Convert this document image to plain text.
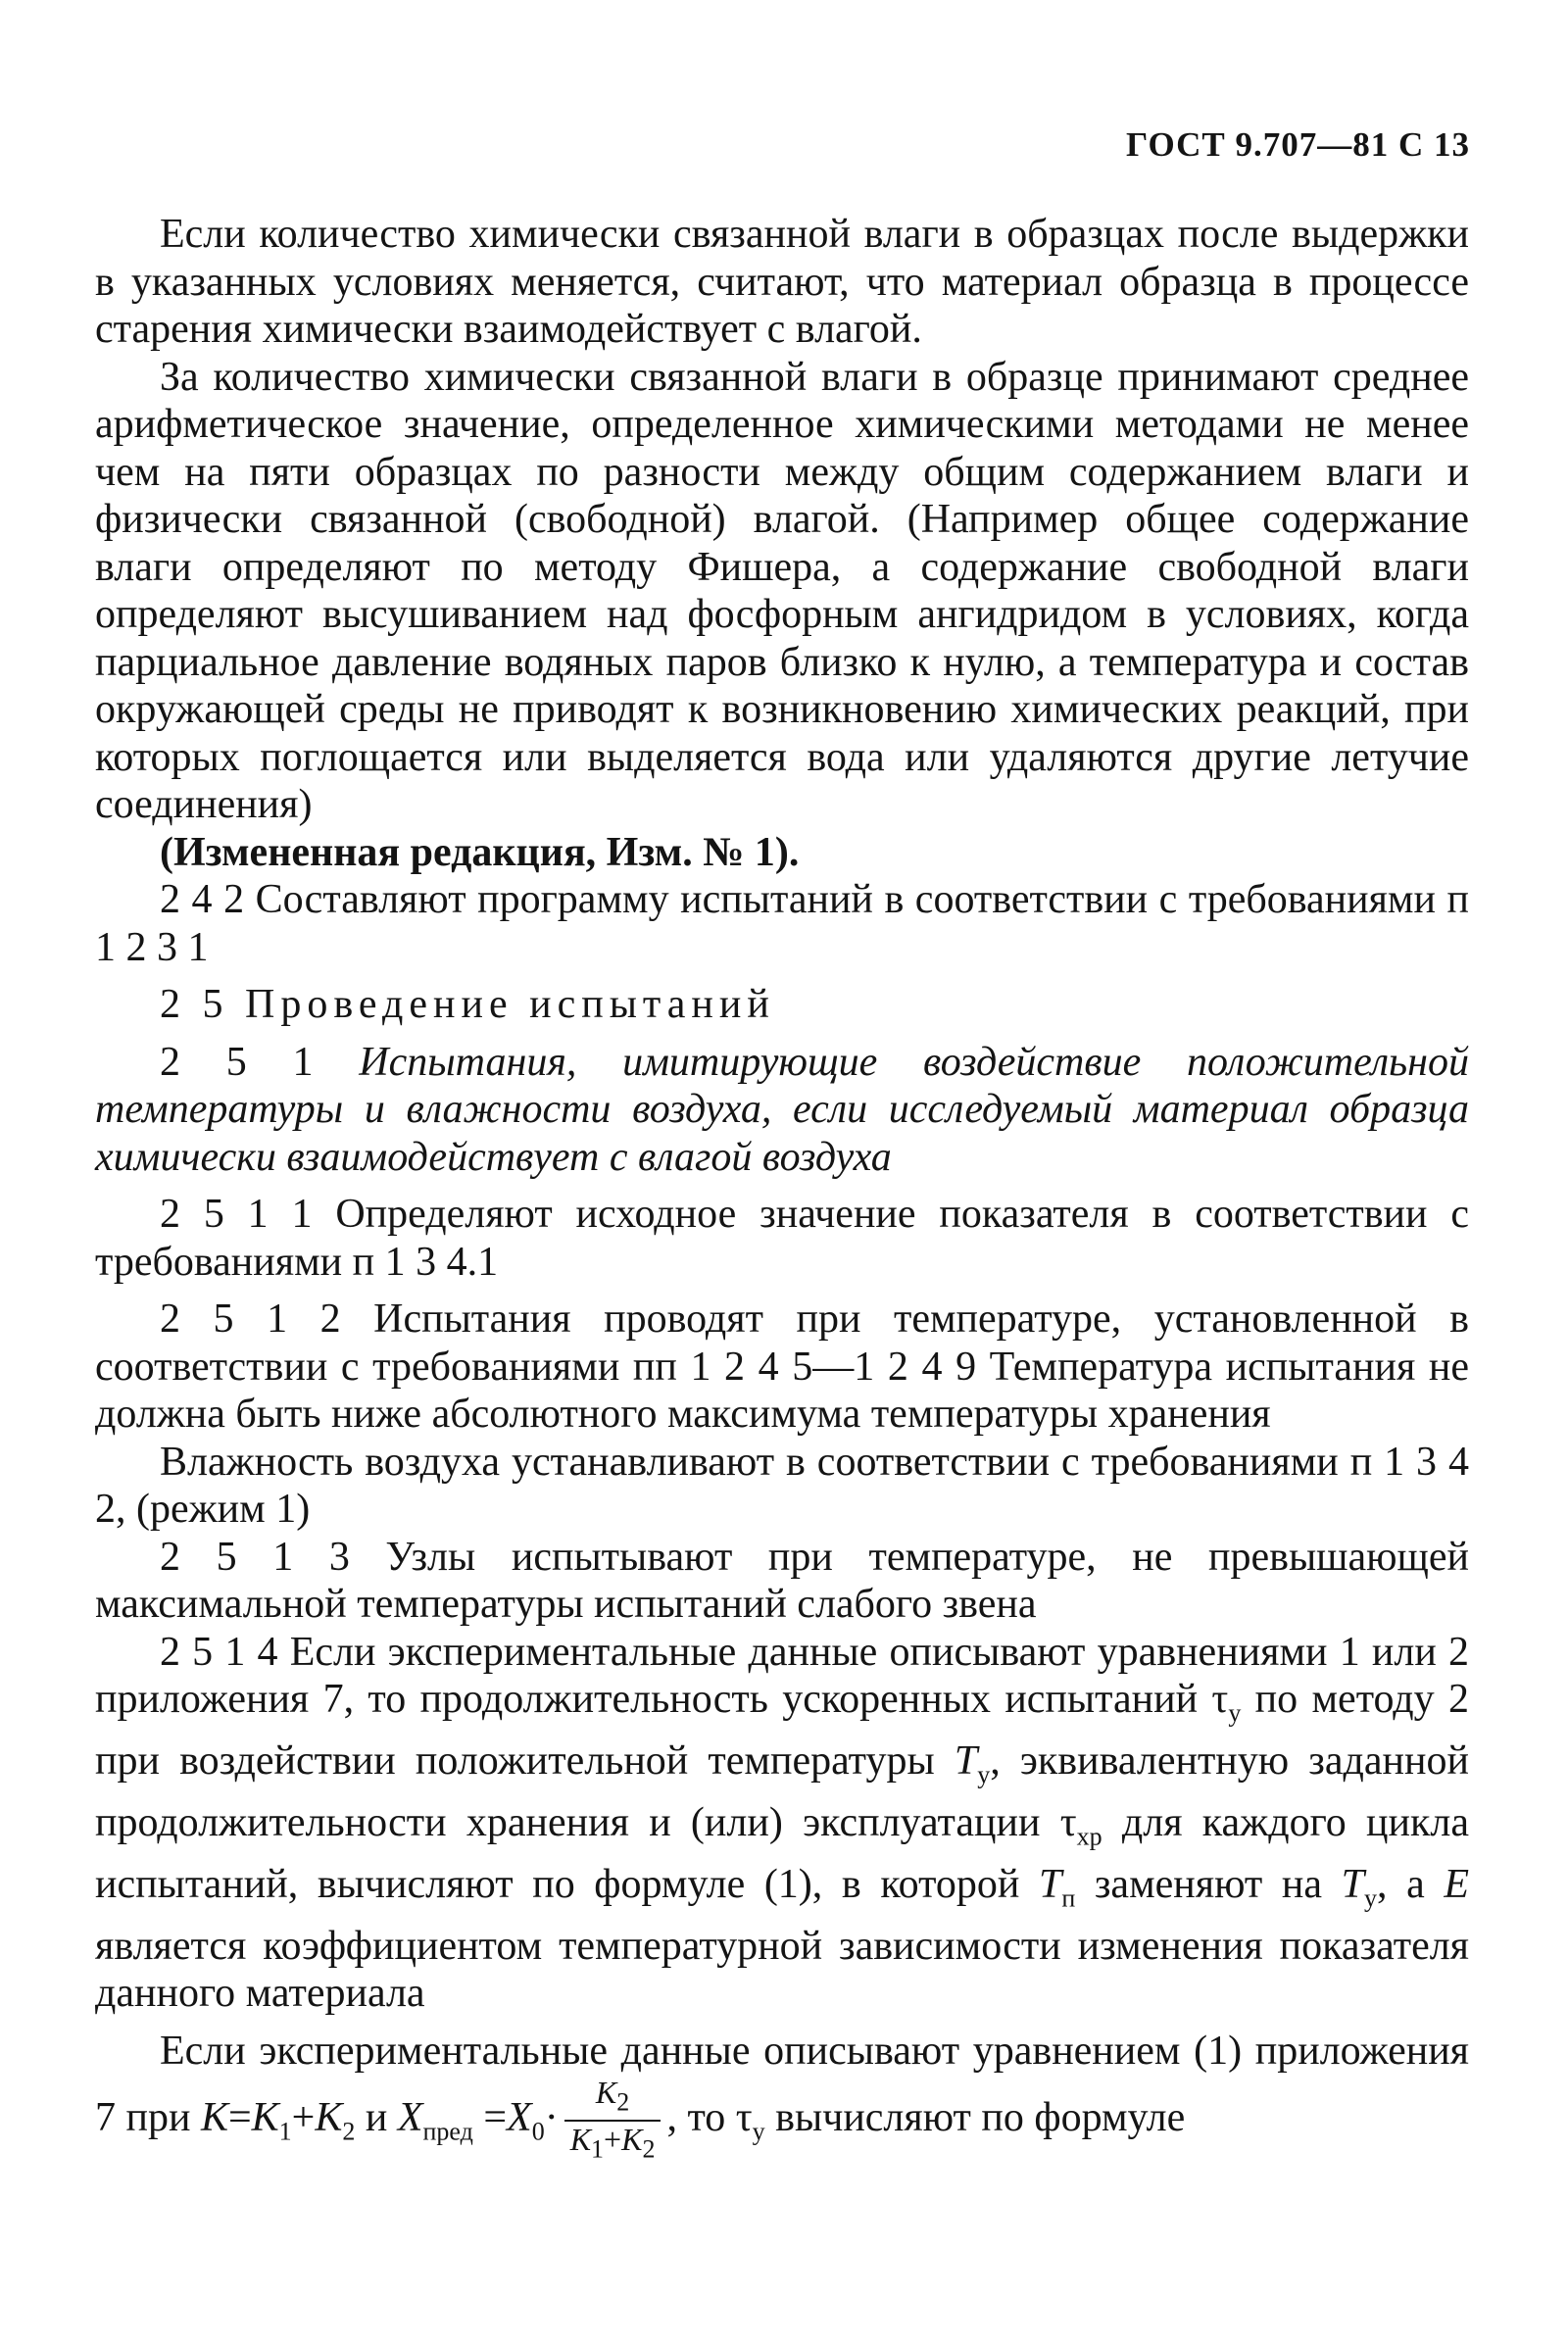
ГОСТ 9.707—81 С 13

Если количество химически связанной влаги в образцах после выдержки в указанных условиях меняется, считают, что материал образца в процессе старения химически взаимодействует с влагой.

За количество химически связанной влаги в образце принимают среднее арифметическое значение, определенное химическими методами не менее чем на пяти образцах по разности между общим содержанием влаги и физически связанной (свободной) влагой. (Например общее содержание влаги определяют по методу Фишера, а содержание свободной влаги определяют высушиванием над фосфорным ангидридом в условиях, когда парциальное давление водяных паров близко к нулю, а температура и состав окружающей среды не приводят к возникновению химических реакций, при которых поглощается или выделяется вода или удаляются другие летучие соединения)

(Измененная редакция, Изм. № 1).

2 4 2 Составляют программу испытаний в соответствии с требованиями п 1 2 3 1

2 5 Проведение испытаний

2 5 1 Испытания, имитирующие воздействие положительной температуры и влажности воздуха, если исследуемый материал образца химически взаимодействует с влагой воздуха

2 5 1 1 Определяют исходное значение показателя в соответствии с требованиями п 1 3 4.1

2 5 1 2 Испытания проводят при температуре, установленной в соответствии с требованиями пп 1 2 4 5—1 2 4 9 Температура испытания не должна быть ниже абсолютного максимума температуры хранения

Влажность воздуха устанавливают в соответствии с требованиями п 1 3 4 2, (режим 1)

2 5 1 3 Узлы испытывают при температуре, не превышающей максимальной температуры испытаний слабого звена

2 5 1 4 Если экспериментальные данные описывают уравнениями 1 или 2 приложения 7, то продолжительность ускоренных испытаний $\tau_у$ по методу 2 при воздействии положительной температуры $T_у$, эквивалентную заданной продолжительности хранения и (или) эксплуатации $\tau_{хр}$ для каждого цикла испытаний, вычисляют по формуле (1), в которой $T_п$ заменяют на $T_у$, а E является коэффициентом температурной зависимости изменения показателя данного материала

Если экспериментальные данные описывают уравнением (1) приложения 7 при $K=K_1+K_2$ и $X_{пред} =X_0\cdot \frac{K_2}{K_1+K_2}$ , то $\tau_у$ вычисляют по формуле
